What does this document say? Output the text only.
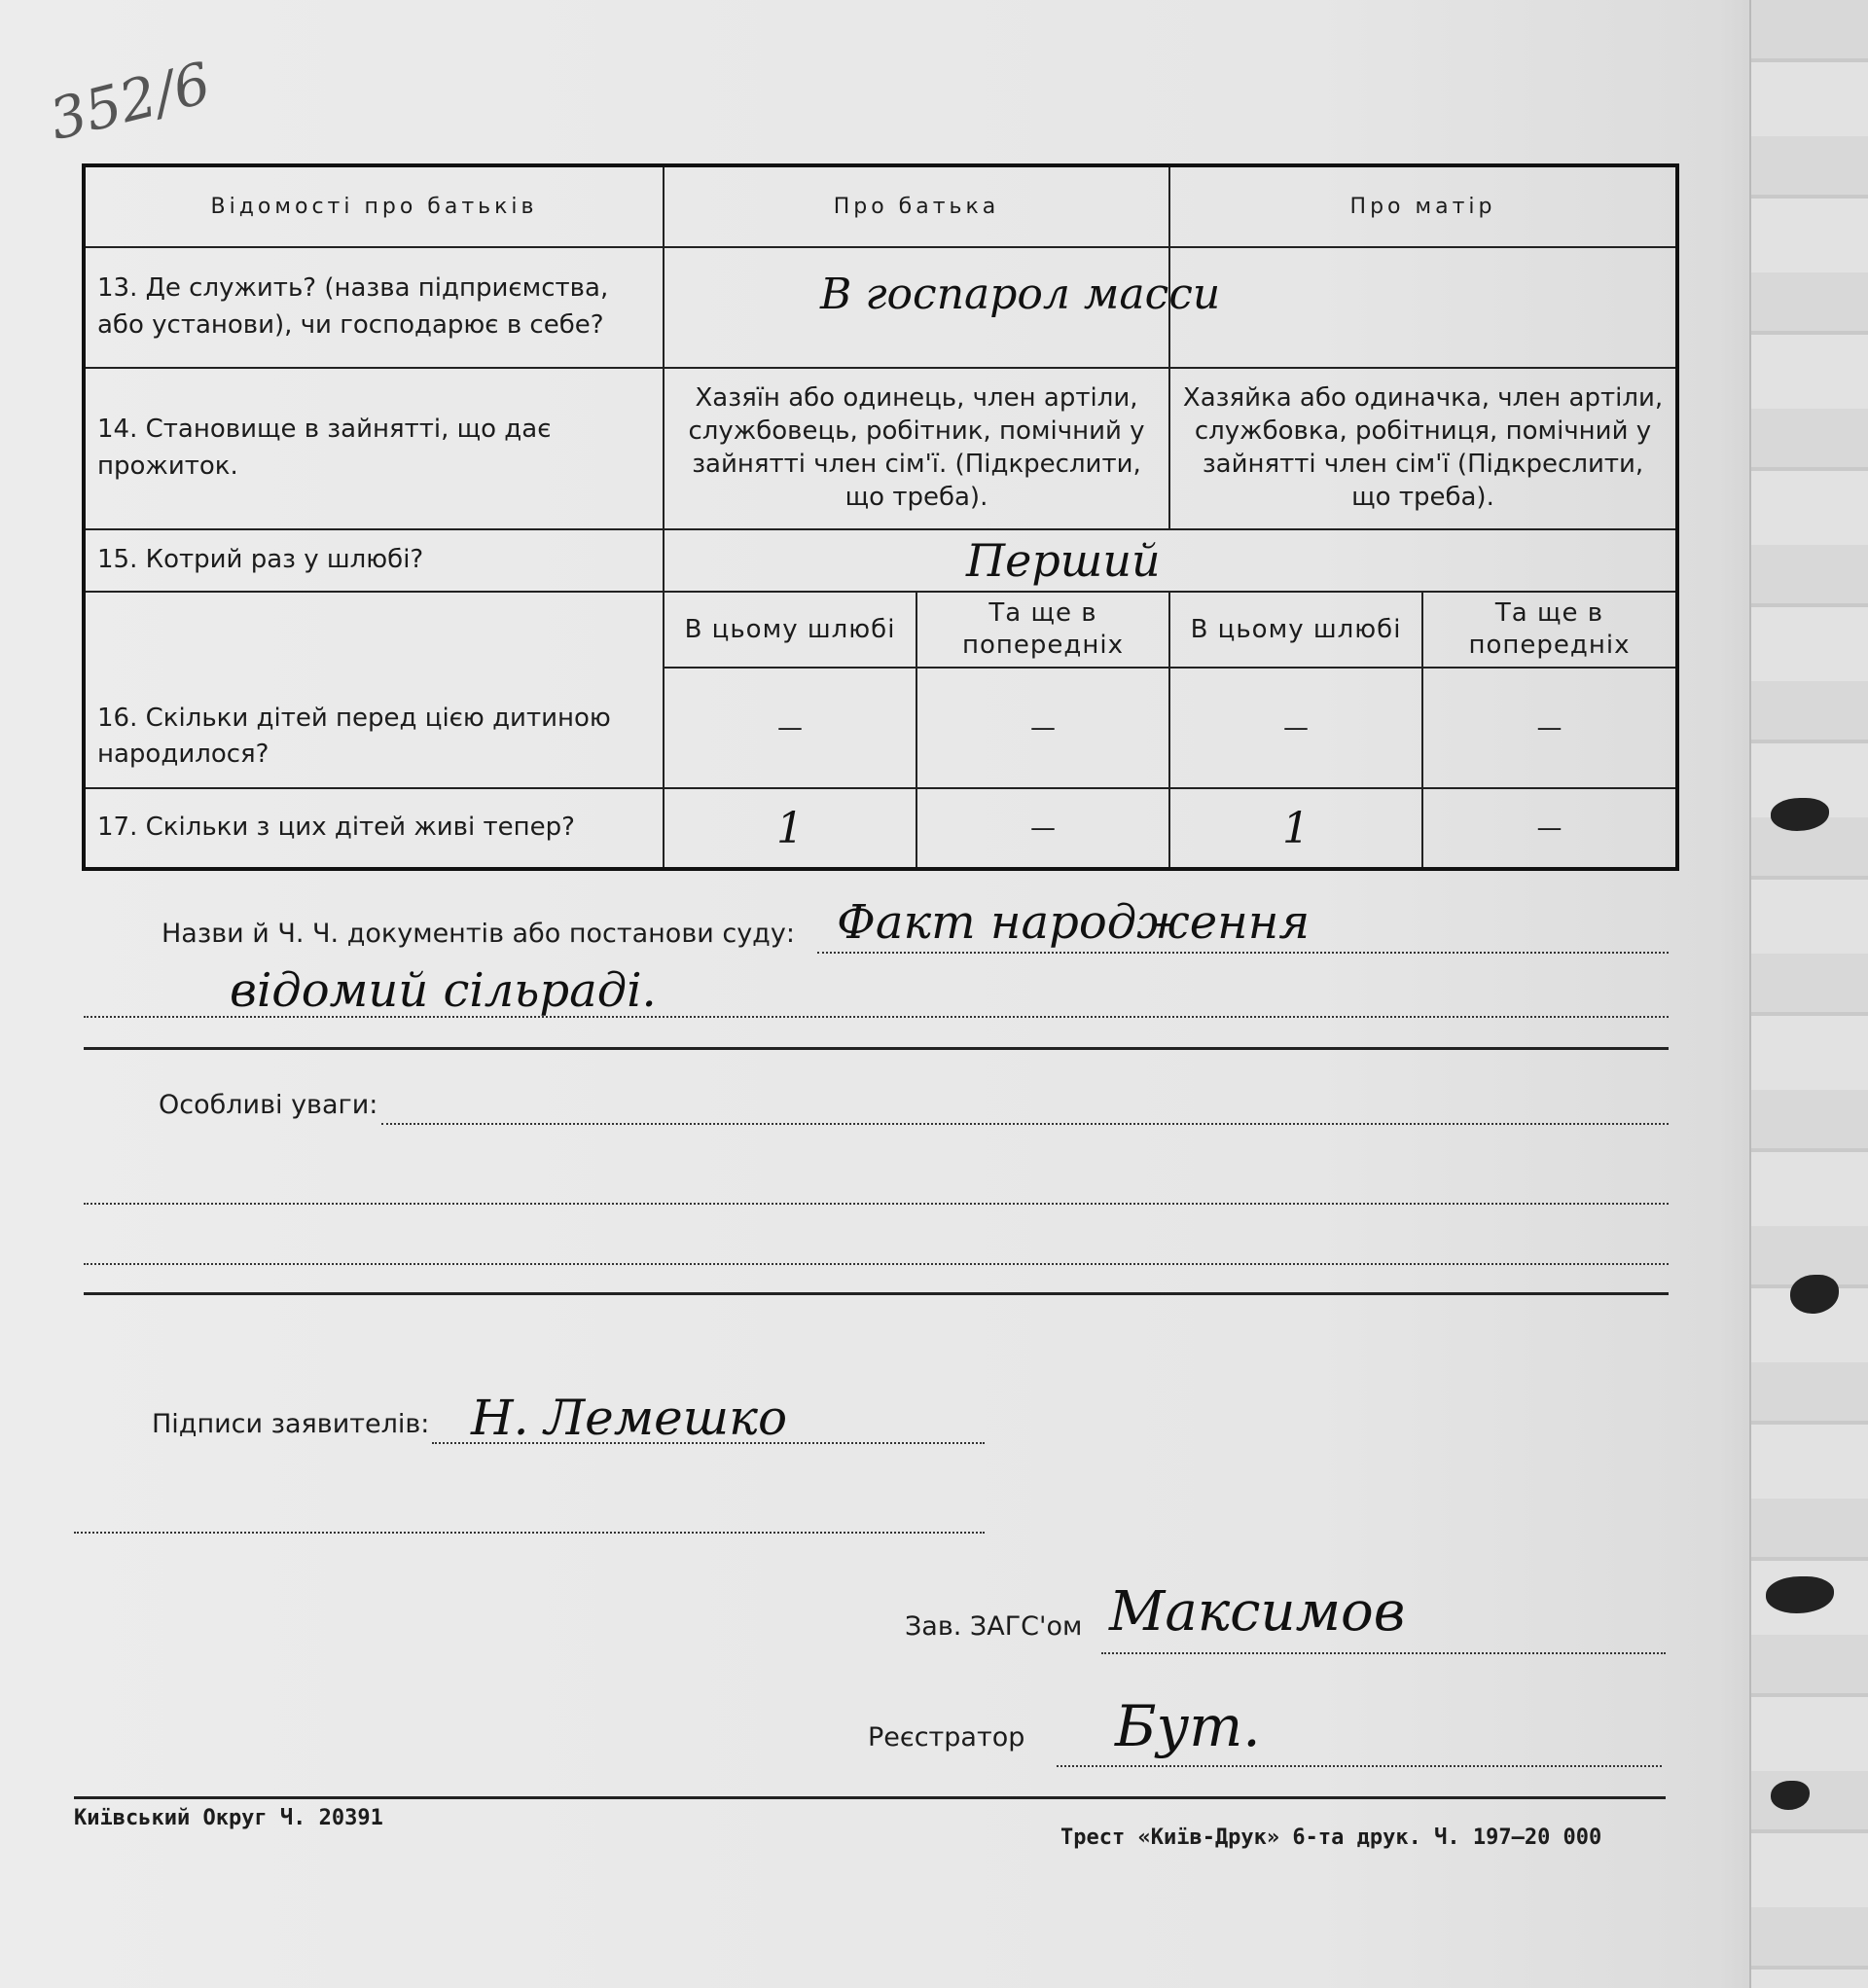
352/6
Відомості про батьків	Про батька		Про матір	
13. Де служить? (назва підприємства, або установи), чи господарює в себе?	В госпарол масси			

14. Становище в зайнятті, що дає прожиток.	Хазяїн або одинець, член артіли, службовець, робітник, помічний у зайнятті член сім'ї. (Підкреслити, що треба).		Хазяйка або одиначка, член артіли, службовка, робітниця, помічний у зайнятті член сім'ї (Підкреслити, що треба).	
15. Котрий раз у шлюбі?	Перший			

16. Скільки дітей перед цією дитиною народилося?	В цьому шлюбі	Та ще в попередніх	В цьому шлюбі	Та ще в попередніх
	—	—	—	—
17. Скільки з цих дітей живі тепер?	1	—	1	—
Назви й Ч. Ч. документів або постанови суду: Факт народження
відомий сільраді.
Особливі уваги:
Підписи заявителів: Н. Лемешко
Зав. ЗАГС'ом Максимов
Реєстратор Бут.
Київський Округ Ч. 20391
Трест «Київ-Друк» 6-та друк. Ч. 197—20 000
